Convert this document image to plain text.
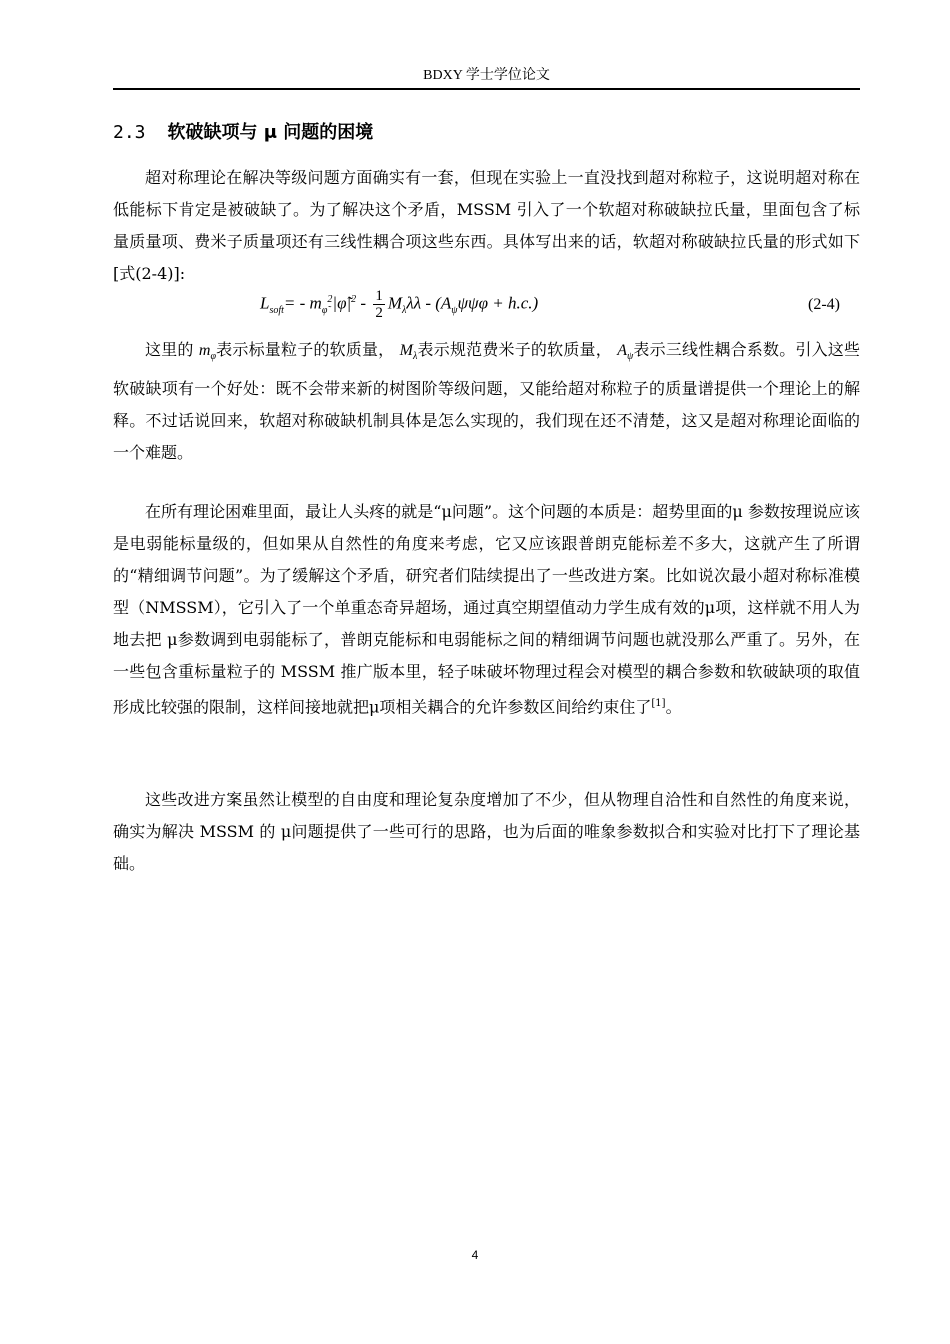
BDXY 学士学位论文
2.3 软破缺项与 μ 问题的困境

超对称理论在解决等级问题方面确实有一套，但现在实验上一直没找到超对称粒子，这说明超对称在低能标下肯定是被破缺了。为了解决这个矛盾，MSSM 引入了一个软超对称破缺拉氏量，里面包含了标量质量项、费米子质量项还有三线性耦合项这些东西。具体写出来的话，软超对称破缺拉氏量的形式如下[式(2-4)]:

$L_{soft}=$ - $m_{\varphĩ}^2|\varphĩ|^2 - \frac{1}{2} M_\lambda\lambda\lambda - (A_\psi\psi\psi\varphi + h.c.)$	(2-4)

这里的 $m_{\varphĩ}$表示标量粒子的软质量， $M_\lambda$表示规范费米子的软质量， $A_\psi$表示三线性耦合系数。引入这些软破缺项有一个好处：既不会带来新的树图阶等级问题，又能给超对称粒子的质量谱提供一个理论上的解释。不过话说回来，软超对称破缺机制具体是怎么实现的，我们现在还不清楚，这又是超对称理论面临的一个难题。

在所有理论困难里面，最让人头疼的就是“μ问题”。这个问题的本质是：超势里面的μ 参数按理说应该是电弱能标量级的，但如果从自然性的角度来考虑，它又应该跟普朗克能标差不多大，这就产生了所谓的“精细调节问题”。为了缓解这个矛盾，研究者们陆续提出了一些改进方案。比如说次最小超对称标准模型（NMSSM），它引入了一个单重态奇异超场，通过真空期望值动力学生成有效的μ项，这样就不用人为地去把 μ参数调到电弱能标了，普朗克能标和电弱能标之间的精细调节问题也就没那么严重了。另外，在一些包含重标量粒子的 MSSM 推广版本里，轻子味破坏物理过程会对模型的耦合参数和软破缺项的取值形成比较强的限制，这样间接地就把μ项相关耦合的允许参数区间给约束住了[1]。

这些改进方案虽然让模型的自由度和理论复杂度增加了不少，但从物理自洽性和自然性的角度来说，确实为解决 MSSM 的 μ问题提供了一些可行的思路，也为后面的唯象参数拟合和实验对比打下了理论基础。

4
